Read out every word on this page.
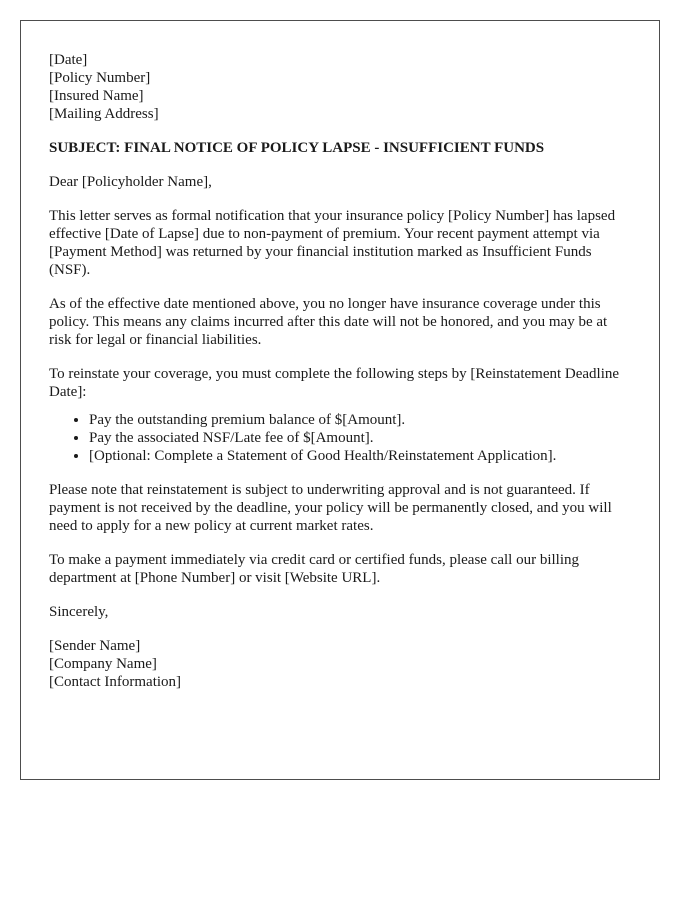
[Date]
[Policy Number]
[Insured Name]
[Mailing Address]
SUBJECT: FINAL NOTICE OF POLICY LAPSE - INSUFFICIENT FUNDS

Dear [Policyholder Name],

This letter serves as formal notification that your insurance policy [Policy Number] has lapsed effective [Date of Lapse] due to non-payment of premium. Your recent payment attempt via [Payment Method] was returned by your financial institution marked as Insufficient Funds (NSF).

As of the effective date mentioned above, you no longer have insurance coverage under this policy. This means any claims incurred after this date will not be honored, and you may be at risk for legal or financial liabilities.

To reinstate your coverage, you must complete the following steps by [Reinstatement Deadline Date]:

• Pay the outstanding premium balance of $[Amount].
• Pay the associated NSF/Late fee of $[Amount].
• [Optional: Complete a Statement of Good Health/Reinstatement Application].

Please note that reinstatement is subject to underwriting approval and is not guaranteed. If payment is not received by the deadline, your policy will be permanently closed, and you will need to apply for a new policy at current market rates.

To make a payment immediately via credit card or certified funds, please call our billing department at [Phone Number] or visit [Website URL].

Sincerely,
[Sender Name]
[Company Name]
[Contact Information]
